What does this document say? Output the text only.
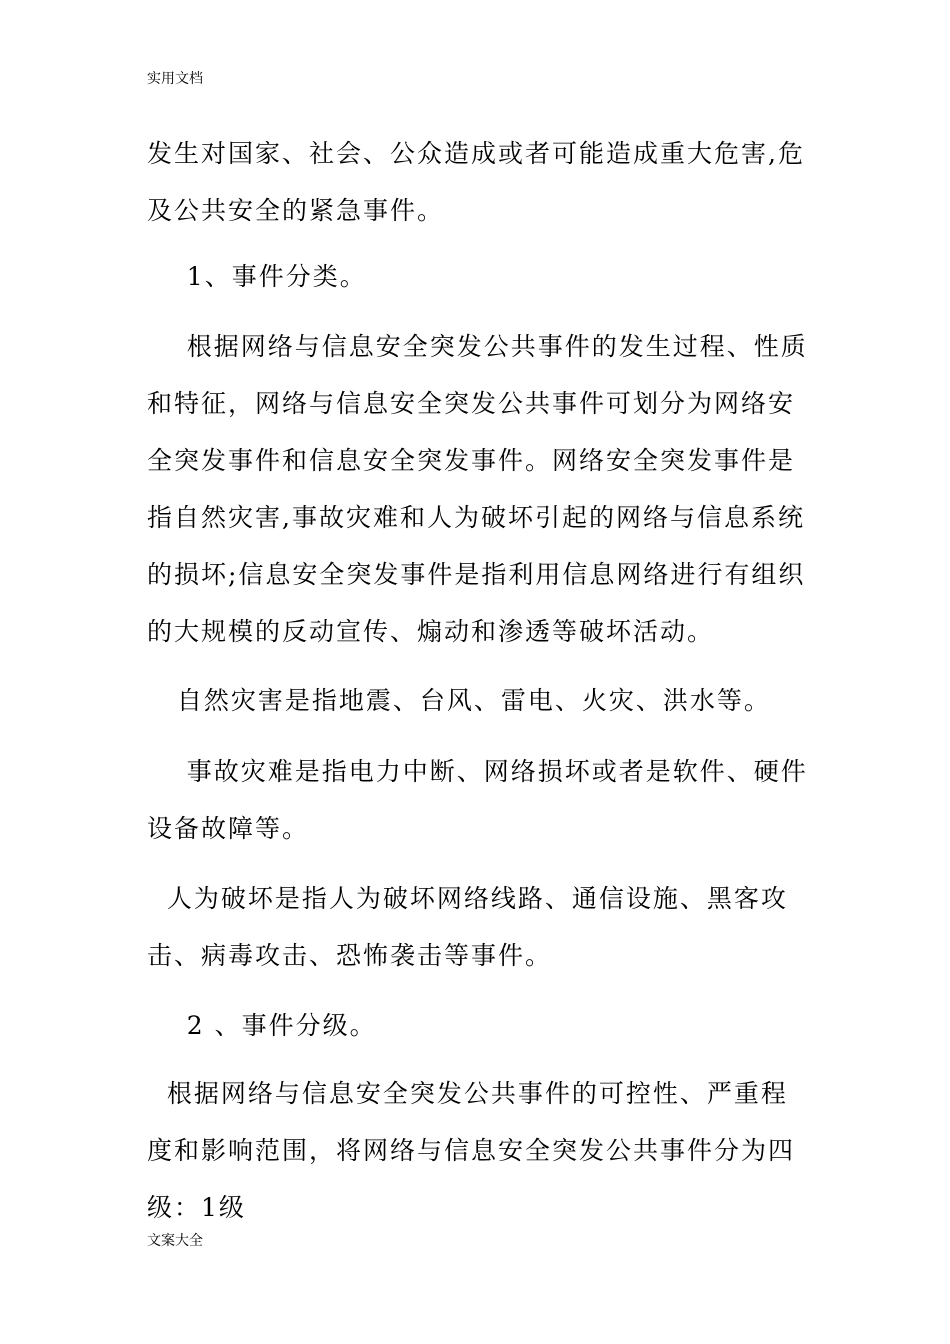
实用文档

发生对国家、社会、公众造成或者可能造成重大危害,危及公共安全的紧急事件。

1、事件分类。

根据网络与信息安全突发公共事件的发生过程、性质和特征，网络与信息安全突发公共事件可划分为网络安全突发事件和信息安全突发事件。网络安全突发事件是指自然灾害,事故灾难和人为破坏引起的网络与信息系统的损坏;信息安全突发事件是指利用信息网络进行有组织的大规模的反动宣传、煽动和渗透等破坏活动。

自然灾害是指地震、台风、雷电、火灾、洪水等。

事故灾难是指电力中断、网络损坏或者是软件、硬件设备故障等。

人为破坏是指人为破坏网络线路、通信设施、黑客攻击、病毒攻击、恐怖袭击等事件。

2 、事件分级。

根据网络与信息安全突发公共事件的可控性、严重程度和影响范围，将网络与信息安全突发公共事件分为四级：1级

文案大全
